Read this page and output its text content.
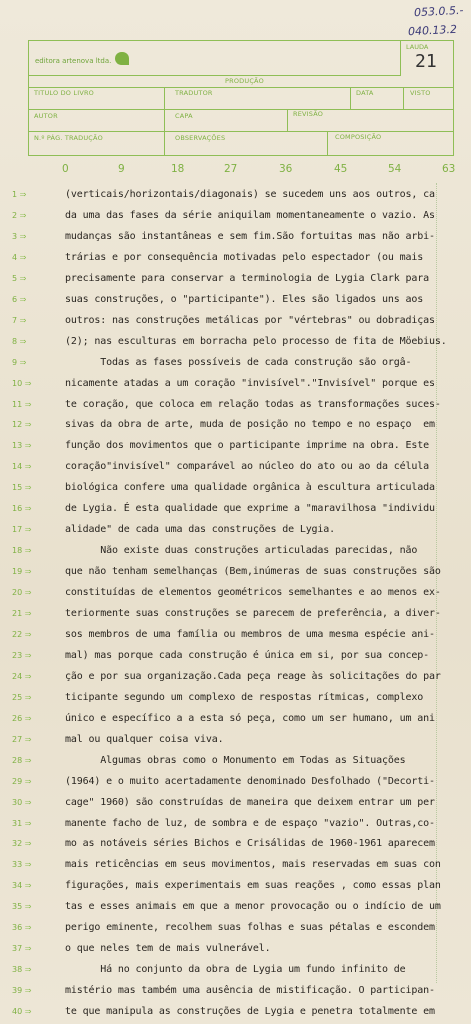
053.0.5.-
040.13.2
editora artenova ltda.
LAUDA
21
PRODUÇÃO
TITULO DO LIVRO	TRADUTOR	DATA	VISTO
AUTOR	CAPA	REVISÃO
N.º PÁG. TRADUÇÃO	OBSERVAÇÕES	COMPOSIÇÃO
0	9	18	27	36	45	54	63
1 ⇒	(verticais/horizontais/diagonais) se sucedem uns aos outros, ca
2 ⇒	da uma das fases da série aniquilam momentaneamente o vazio. As
3 ⇒	mudanças são instantâneas e sem fim.São fortuitas mas não arbi-
4 ⇒	trárias e por consequência motivadas pelo espectador (ou mais
5 ⇒	precisamente para conservar a terminologia de Lygia Clark para
6 ⇒	suas construções, o "participante"). Eles são ligados uns aos
7 ⇒	outros: nas construções metálicas por "vértebras" ou dobradiças
8 ⇒	(2); nas esculturas em borracha pelo processo de fita de Möebius.
9 ⇒	Todas as fases possíveis de cada construção são orgâ-
10 ⇒	nicamente atadas a um coração "invisível"."Invisível" porque es
11 ⇒	te coração, que coloca em relação todas as transformações suces-
12 ⇒	sivas da obra de arte, muda de posição no tempo e no espaço  em
13 ⇒	função dos movimentos que o participante imprime na obra. Este
14 ⇒	coração"invisível" comparável ao núcleo do ato ou ao da célula
15 ⇒	biológica confere uma qualidade orgânica à escultura articulada
16 ⇒	de Lygia. É esta qualidade que exprime a "maravilhosa "individu
17 ⇒	alidade" de cada uma das construções de Lygia.
18 ⇒	Não existe duas construções articuladas parecidas, não
19 ⇒	que não tenham semelhanças (Bem,inúmeras de suas construções são
20 ⇒	constituídas de elementos geométricos semelhantes e ao menos ex-
21 ⇒	teriormente suas construções se parecem de preferência, a diver-
22 ⇒	sos membros de uma família ou membros de uma mesma espécie ani-
23 ⇒	mal) mas porque cada construção é única em si, por sua concep-
24 ⇒	ção e por sua organização.Cada peça reage às solicitações do par
25 ⇒	ticipante segundo um complexo de respostas rítmicas, complexo
26 ⇒	único e específico a a esta só peça, como um ser humano, um ani
27 ⇒	mal ou qualquer coisa viva.
28 ⇒	Algumas obras como o Monumento em Todas as Situações
29 ⇒	(1964) e o muito acertadamente denominado Desfolhado ("Decorti-
30 ⇒	cage" 1960) são construídas de maneira que deixem entrar um per
31 ⇒	manente facho de luz, de sombra e de espaço "vazio". Outras,co-
32 ⇒	mo as notáveis séries Bichos e Crisálidas de 1960-1961 aparecem
33 ⇒	mais reticências em seus movimentos, mais reservadas em suas con
34 ⇒	figurações, mais experimentais em suas reações , como essas plan
35 ⇒	tas e esses animais em que a menor provocação ou o indício de um
36 ⇒	perigo eminente, recolhem suas folhas e suas pétalas e escondem
37 ⇒	o que neles tem de mais vulnerável.
38 ⇒	Há no conjunto da obra de Lygia um fundo infinito de
39 ⇒	mistério mas também uma ausência de mistificação. O participan-
40 ⇒	te que manipula as construções de Lygia e penetra totalmente em
